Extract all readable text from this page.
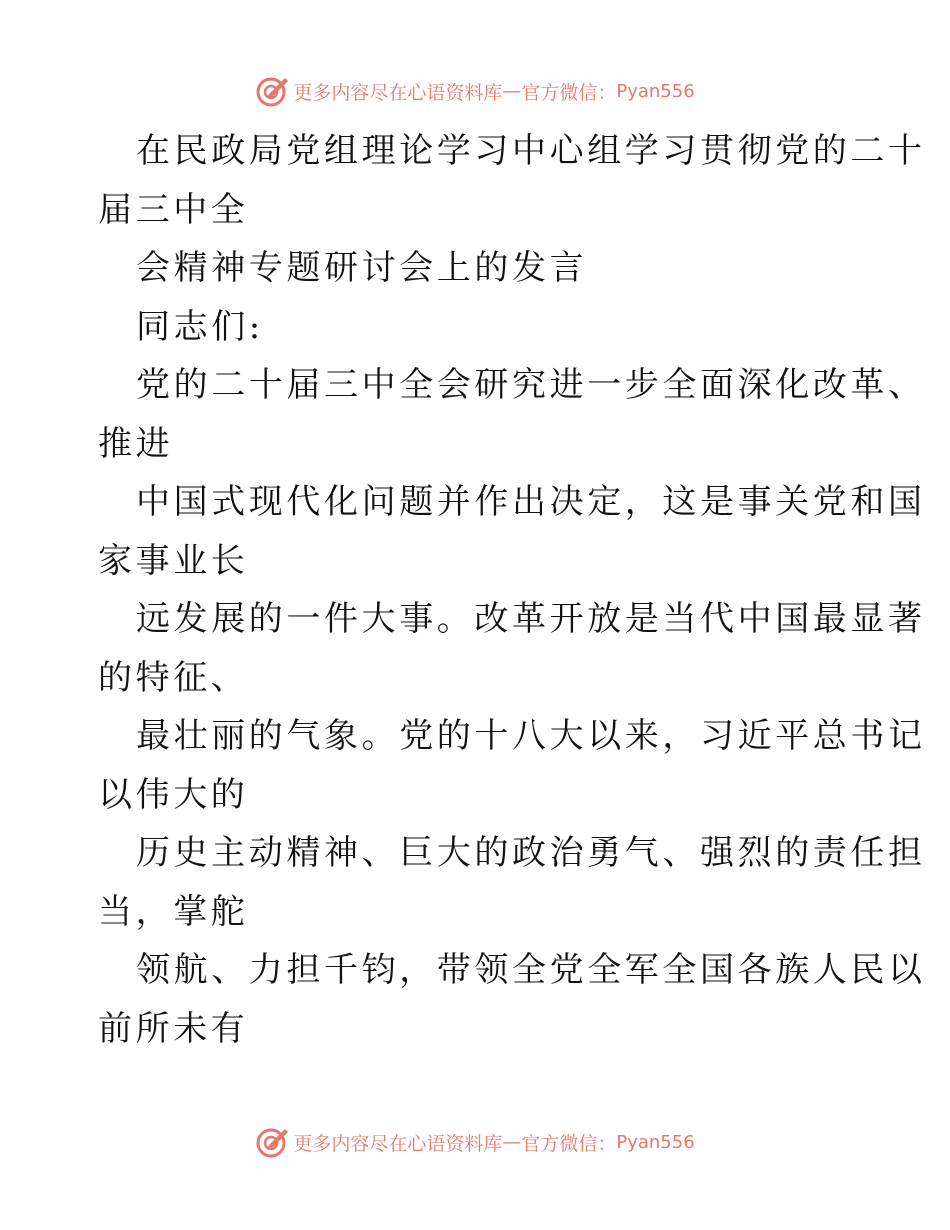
更多内容尽在心语资料库 — 官方微信： Pyan556

在民政局党组理论学习中心组学习贯彻党的二十
届三中全

会精神专题研讨会上的发言

同志们:

党的二十届三中全会研究进一步全面深化改革、
推进

中国式现代化问题并作出决定，这是事关党和国
家事业长

远发展的一件大事。改革开放是当代中国最显著
的特征、

最壮丽的气象。党的十八大以来，习近平总书记
以伟大的

历史主动精神、巨大的政治勇气、强烈的责任担
当，掌舵

领航、力担千钧，带领全党全军全国各族人民以
前所未有

更多内容尽在心语资料库 — 官方微信： Pyan556
